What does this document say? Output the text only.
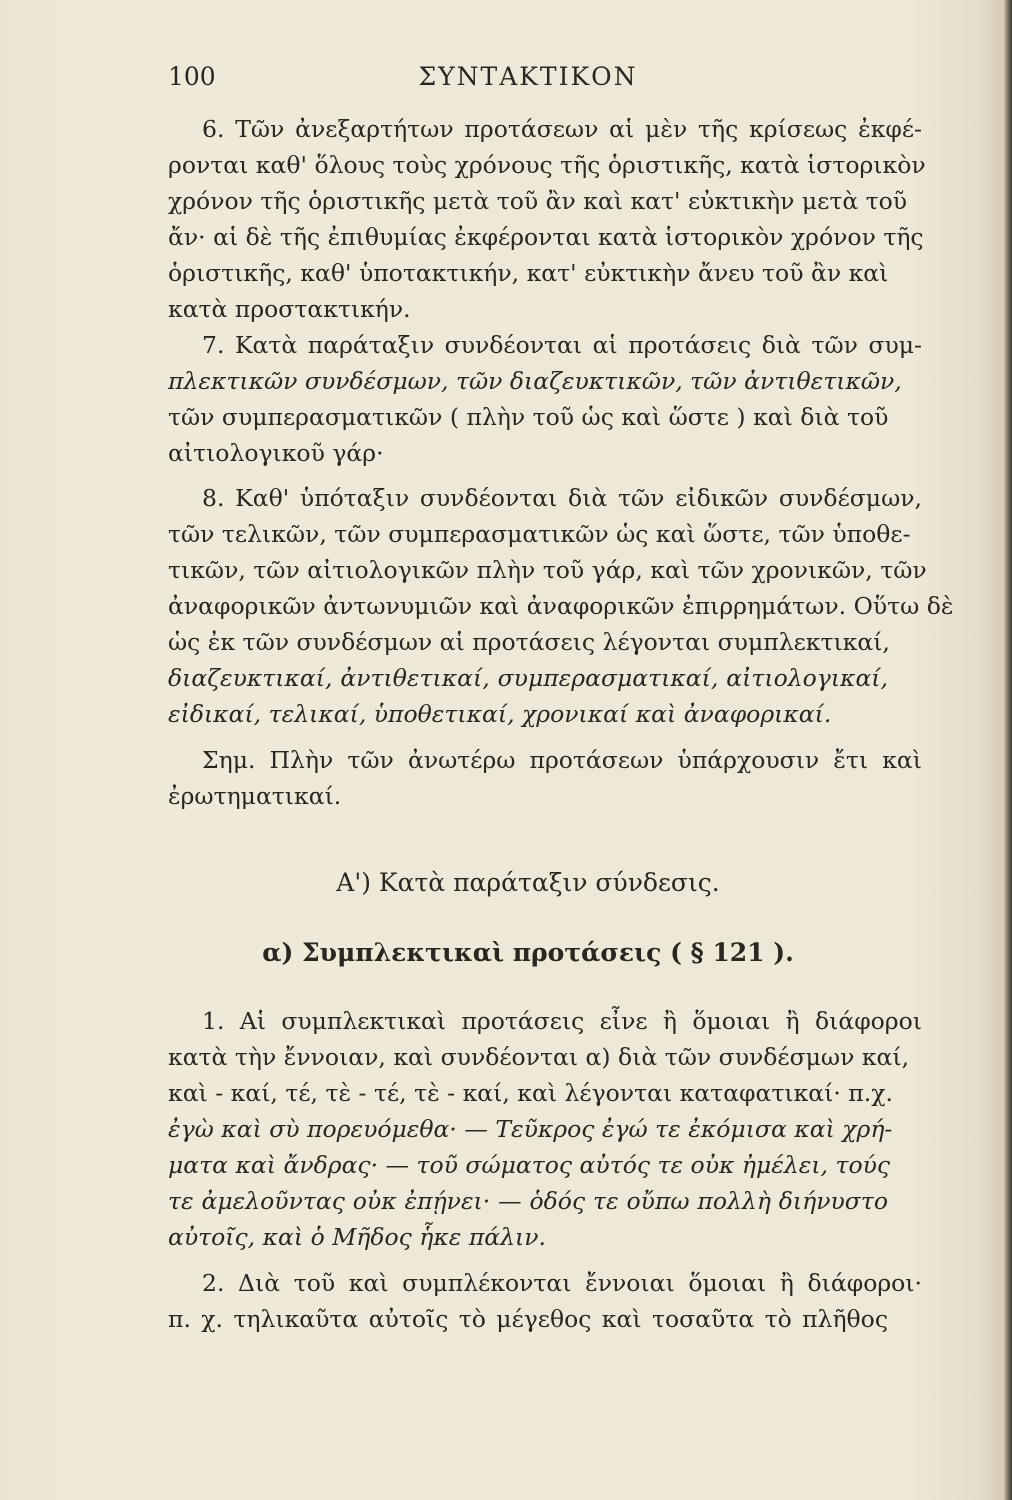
100	ΣΥΝΤΑΚΤΙΚΟΝ
6. Τῶν ἀνεξαρτήτων προτάσεων αἱ μὲν τῆς κρίσεως ἐκφέ-
ρονται καθ' ὅλους τοὺς χρόνους τῆς ὁριστικῆς, κατὰ ἱστορικὸν
χρόνον τῆς ὁριστικῆς μετὰ τοῦ ἂν καὶ κατ' εὐκτικὴν μετὰ τοῦ
ἄν· αἱ δὲ τῆς ἐπιθυμίας ἐκφέρονται κατὰ ἱστορικὸν χρόνον τῆς
ὁριστικῆς, καθ' ὑποτακτικήν, κατ' εὐκτικὴν ἄνευ τοῦ ἂν καὶ
κατὰ προστακτικήν.
7. Κατὰ παράταξιν συνδέονται αἱ προτάσεις διὰ τῶν συμ-
πλεκτικῶν συνδέσμων, τῶν διαζευκτικῶν, τῶν ἀντιθετικῶν,
τῶν συμπερασματικῶν ( πλὴν τοῦ ὡς καὶ ὥστε ) καὶ διὰ τοῦ
αἰτιολογικοῦ γάρ·
8. Καθ' ὑπόταξιν συνδέονται διὰ τῶν εἰδικῶν συνδέσμων,
τῶν τελικῶν, τῶν συμπερασματικῶν ὡς καὶ ὥστε, τῶν ὑποθε-
τικῶν, τῶν αἰτιολογικῶν πλὴν τοῦ γάρ, καὶ τῶν χρονικῶν, τῶν
ἀναφορικῶν ἀντωνυμιῶν καὶ ἀναφορικῶν ἐπιρρημάτων. Οὕτω δὲ
ὡς ἐκ τῶν συνδέσμων αἱ προτάσεις λέγονται συμπλεκτικαί,
διαζευκτικαί, ἀντιθετικαί, συμπερασματικαί, αἰτιολογικαί,
εἰδικαί, τελικαί, ὑποθετικαί, χρονικαί καὶ ἀναφορικαί.
Σημ. Πλὴν τῶν ἀνωτέρω προτάσεων ὑπάρχουσιν ἔτι καὶ
ἐρωτηματικαί.
Α') Κατὰ παράταξιν σύνδεσις.
α) Συμπλεκτικαὶ προτάσεις ( § 121 ).
1. Αἱ συμπλεκτικαὶ προτάσεις εἶνε ἢ ὅμοιαι ἢ διάφοροι
κατὰ τὴν ἔννοιαν, καὶ συνδέονται α) διὰ τῶν συνδέσμων καί,
καὶ - καί, τέ, τὲ - τέ, τὲ - καί, καὶ λέγονται καταφατικαί· π.χ.
ἐγὼ καὶ σὺ πορευόμεθα· — Τεῦκρος ἐγώ τε ἐκόμισα καὶ χρή-
ματα καὶ ἄνδρας· — τοῦ σώματος αὐτός τε οὐκ ἠμέλει, τούς
τε ἀμελοῦντας οὐκ ἐπῄνει· — ὁδός τε οὔπω πολλὴ διήνυστο
αὐτοῖς, καὶ ὁ Μῆδος ἧκε πάλιν.
2. Διὰ τοῦ καὶ συμπλέκονται ἔννοιαι ὅμοιαι ἢ διάφοροι·
π. χ. τηλικαῦτα αὐτοῖς τὸ μέγεθος καὶ τοσαῦτα τὸ πλῆθος
